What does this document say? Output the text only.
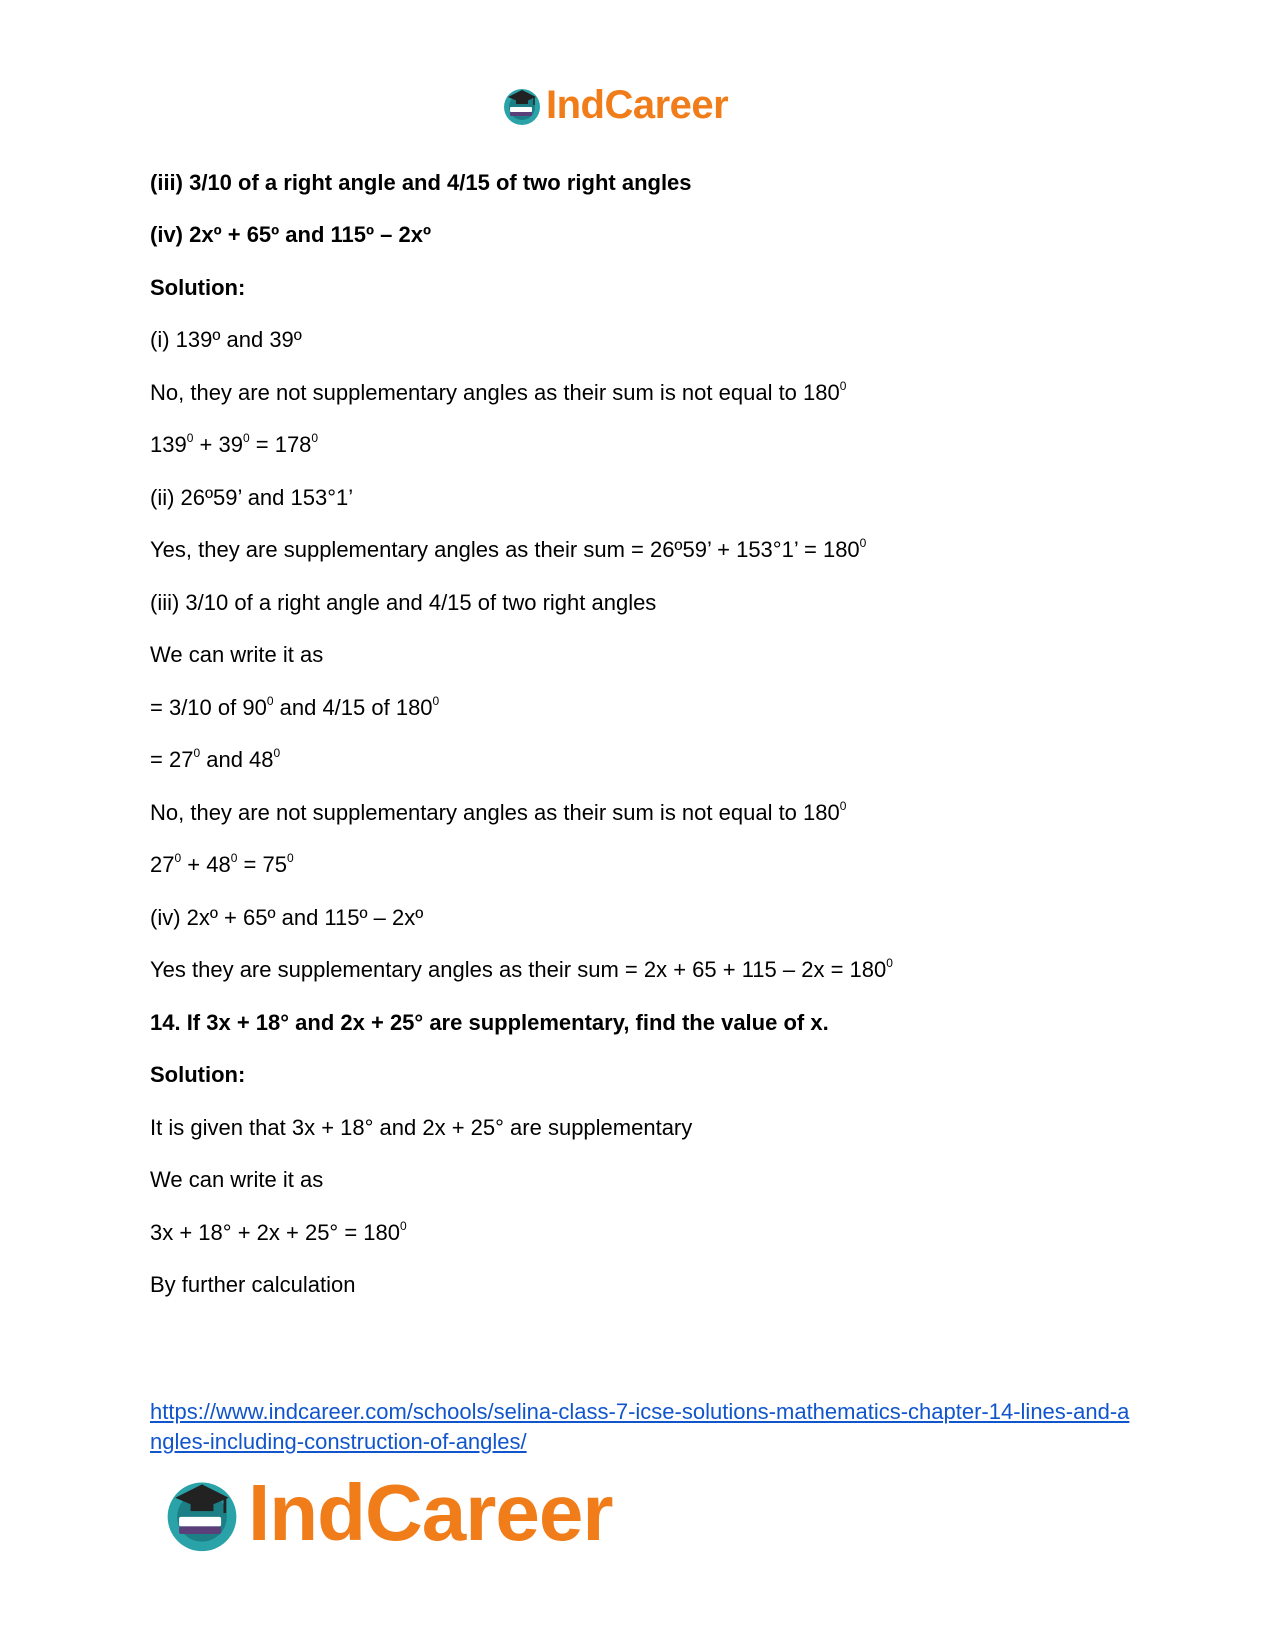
IndCareer
(iii) 3/10 of a right angle and 4/15 of two right angles
(iv) 2xº + 65º and 115º – 2xº
Solution:
(i) 139º and 39º
No, they are not supplementary angles as their sum is not equal to $180^0$
$139^0 + 39^0 = 178^0$
(ii) 26º59’ and 153°1’
Yes, they are supplementary angles as their sum = 26º59’ + 153°1’ = $180^0$
(iii) 3/10 of a right angle and 4/15 of two right angles
We can write it as
= 3/10 of $90^0$ and 4/15 of $180^0$
= $27^0$ and $48^0$
No, they are not supplementary angles as their sum is not equal to $180^0$
$27^0 + 48^0 = 75^0$
(iv) 2xº + 65º and 115º – 2xº
Yes they are supplementary angles as their sum = $2x + 65 + 115 - 2x = 180^0$
14. If 3x + 18° and 2x + 25° are supplementary, find the value of x.
Solution:
It is given that 3x + 18° and 2x + 25° are supplementary
We can write it as
$3x + 18^\circ + 2x + 25^\circ = 180^0$
By further calculation
https://www.indcareer.com/schools/selina-class-7-icse-solutions-mathematics-chapter-14-lines-and-angles-including-construction-of-angles/
IndCareer
